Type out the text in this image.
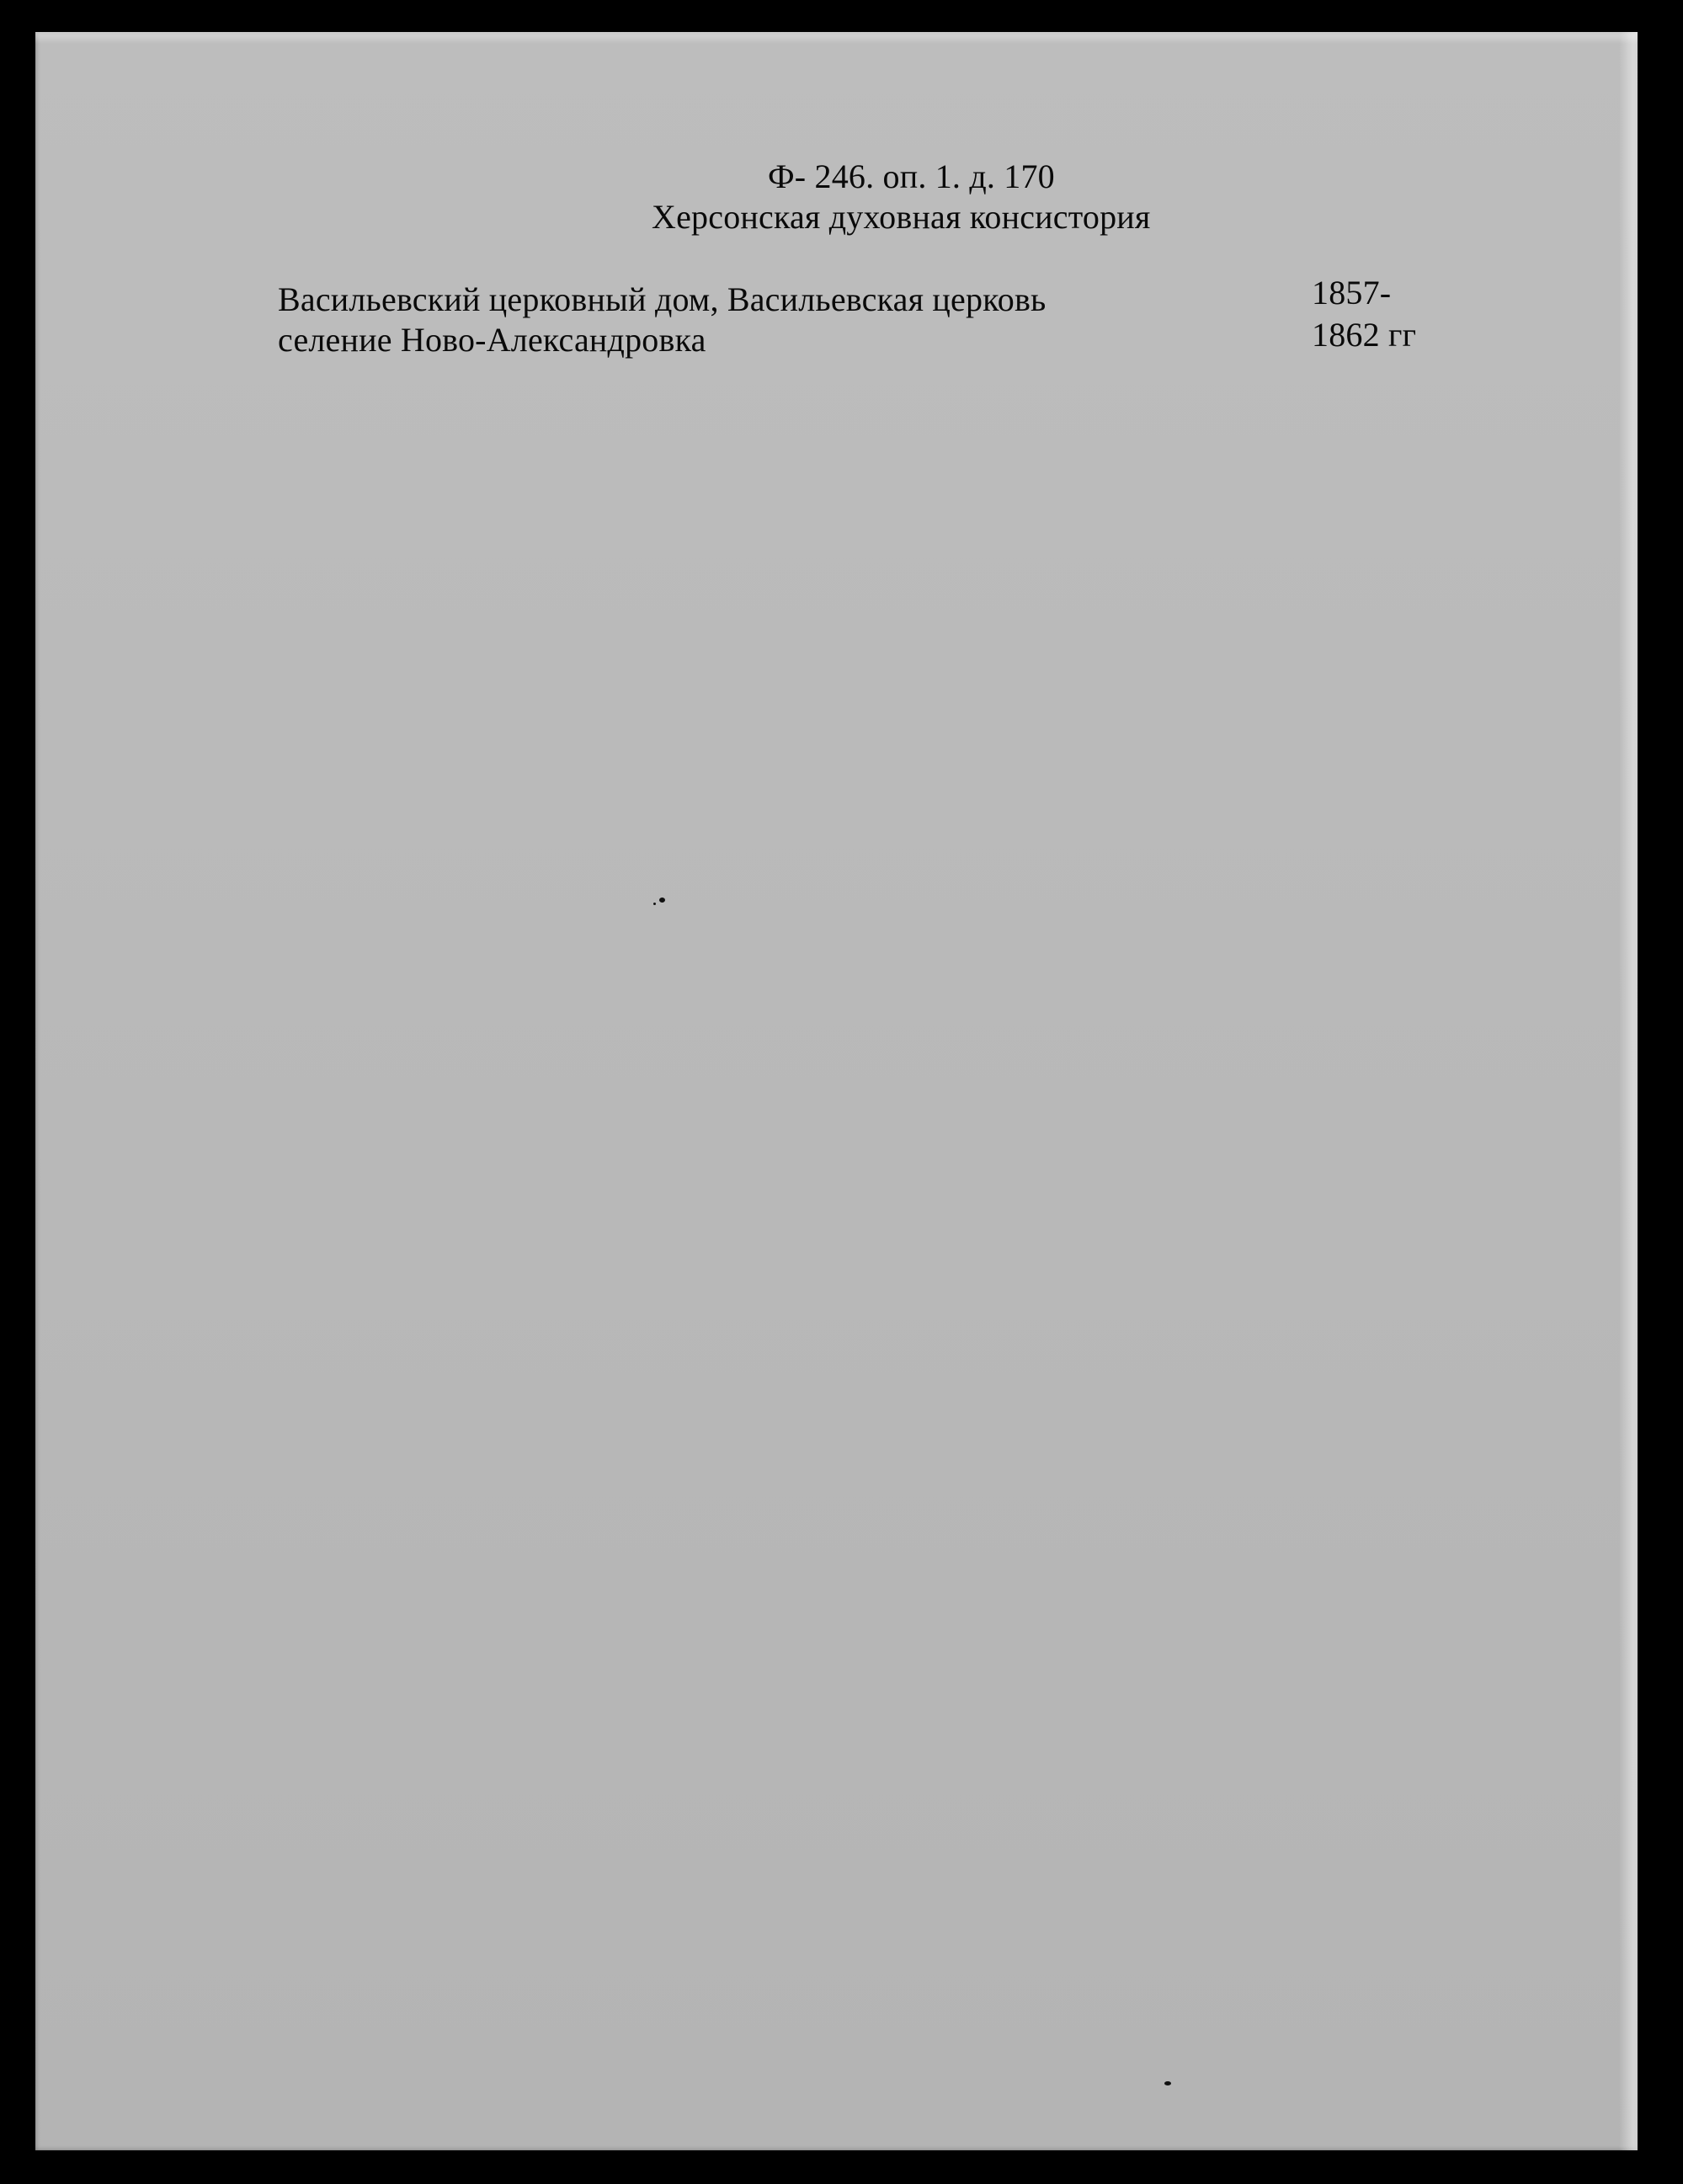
Ф- 246. оп. 1. д. 170
Херсонская духовная консистория
Васильевский церковный дом, Васильевская церковь
селение Ново-Александровка
1857-
1862 гг
